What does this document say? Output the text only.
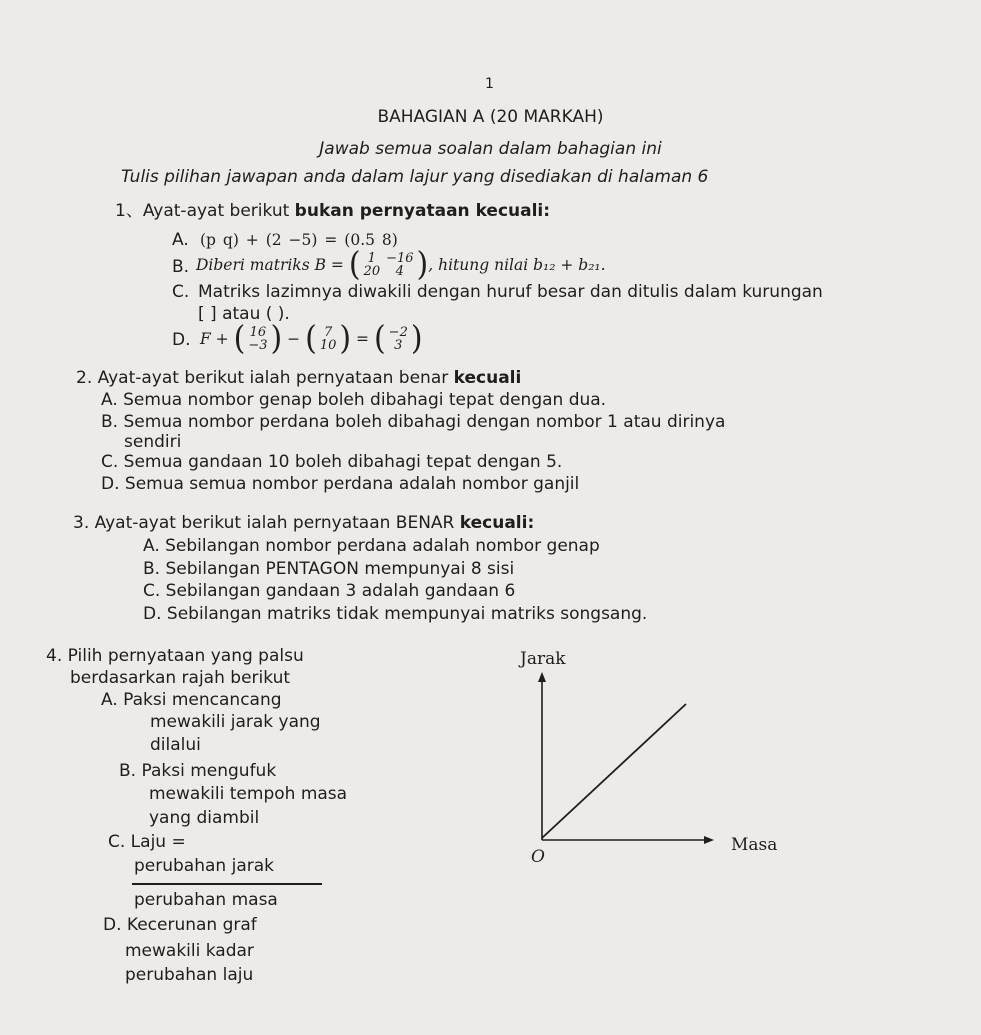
1
BAHAGIAN A (20 MARKAH)
Jawab semua soalan dalam bahagian ini
Tulis pilihan jawapan anda dalam lajur yang disediakan di halaman 6
1、Ayat-ayat berikut bukan pernyataan kecuali:
A. (p q) + (2 −5) = (0.5 8)
B. Diberi matriks B =
( 1	−16
20	4 ) , hitung nilai b₁₂ + b₂₁.
C. Matriks lazimnya diwakili dengan huruf besar dan ditulis dalam kurungan
[ ] atau ( ).
D. F +
( 16
−3 )
−
( 7
10 )
=
( −2
3 )
2. Ayat-ayat berikut ialah pernyataan benar kecuali
A. Semua nombor genap boleh dibahagi tepat dengan dua.
B. Semua nombor perdana boleh dibahagi dengan nombor 1 atau dirinya
sendiri
C. Semua gandaan 10 boleh dibahagi tepat dengan 5.
D. Semua semua nombor perdana adalah nombor ganjil
3. Ayat-ayat berikut ialah pernyataan BENAR kecuali:
A. Sebilangan nombor perdana adalah nombor genap
B. Sebilangan PENTAGON mempunyai 8 sisi
C. Sebilangan gandaan 3 adalah gandaan 6
D. Sebilangan matriks tidak mempunyai matriks songsang.
4. Pilih pernyataan yang palsu
berdasarkan rajah berikut
A. Paksi mencancang
mewakili jarak yang
dilalui
B. Paksi mengufuk
mewakili tempoh masa
yang diambil
C. Laju =
perubahan jarak
perubahan masa
D. Kecerunan graf
mewakili kadar
perubahan laju
Jarak
Masa
O
